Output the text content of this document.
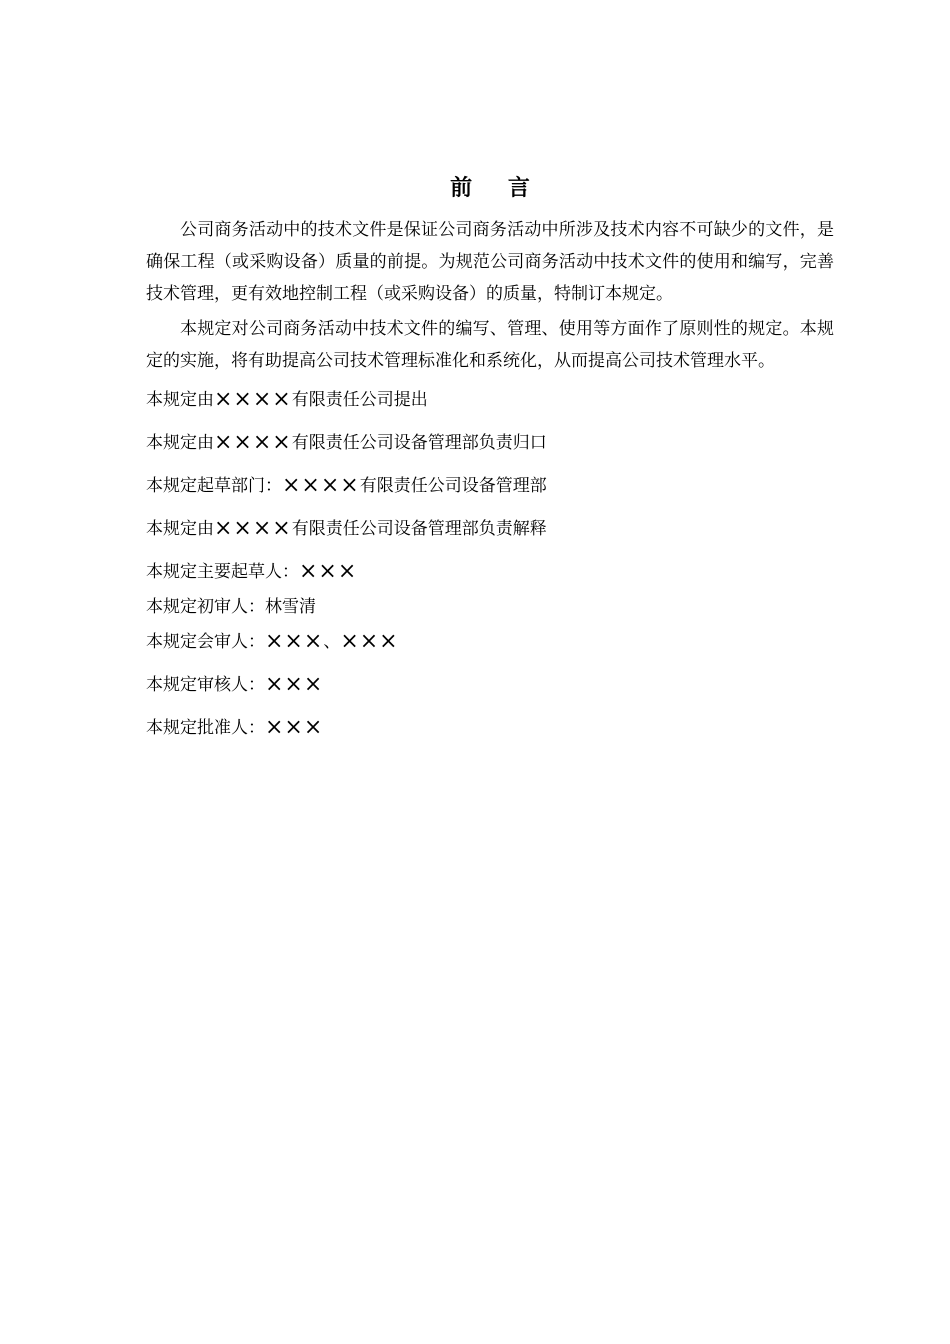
前 言

公司商务活动中的技术文件是保证公司商务活动中所涉及技术内容不可缺少的文件，是确保工程（或采购设备）质量的前提。为规范公司商务活动中技术文件的使用和编写，完善技术管理，更有效地控制工程（或采购设备）的质量，特制订本规定。

本规定对公司商务活动中技术文件的编写、管理、使用等方面作了原则性的规定。本规定的实施，将有助提高公司技术管理标准化和系统化，从而提高公司技术管理水平。

本规定由××××有限责任公司提出
本规定由××××有限责任公司设备管理部负责归口
本规定起草部门：××××有限责任公司设备管理部
本规定由××××有限责任公司设备管理部负责解释
本规定主要起草人：×××
本规定初审人：林雪清
本规定会审人：×××、×××
本规定审核人：×××
本规定批准人：×××
